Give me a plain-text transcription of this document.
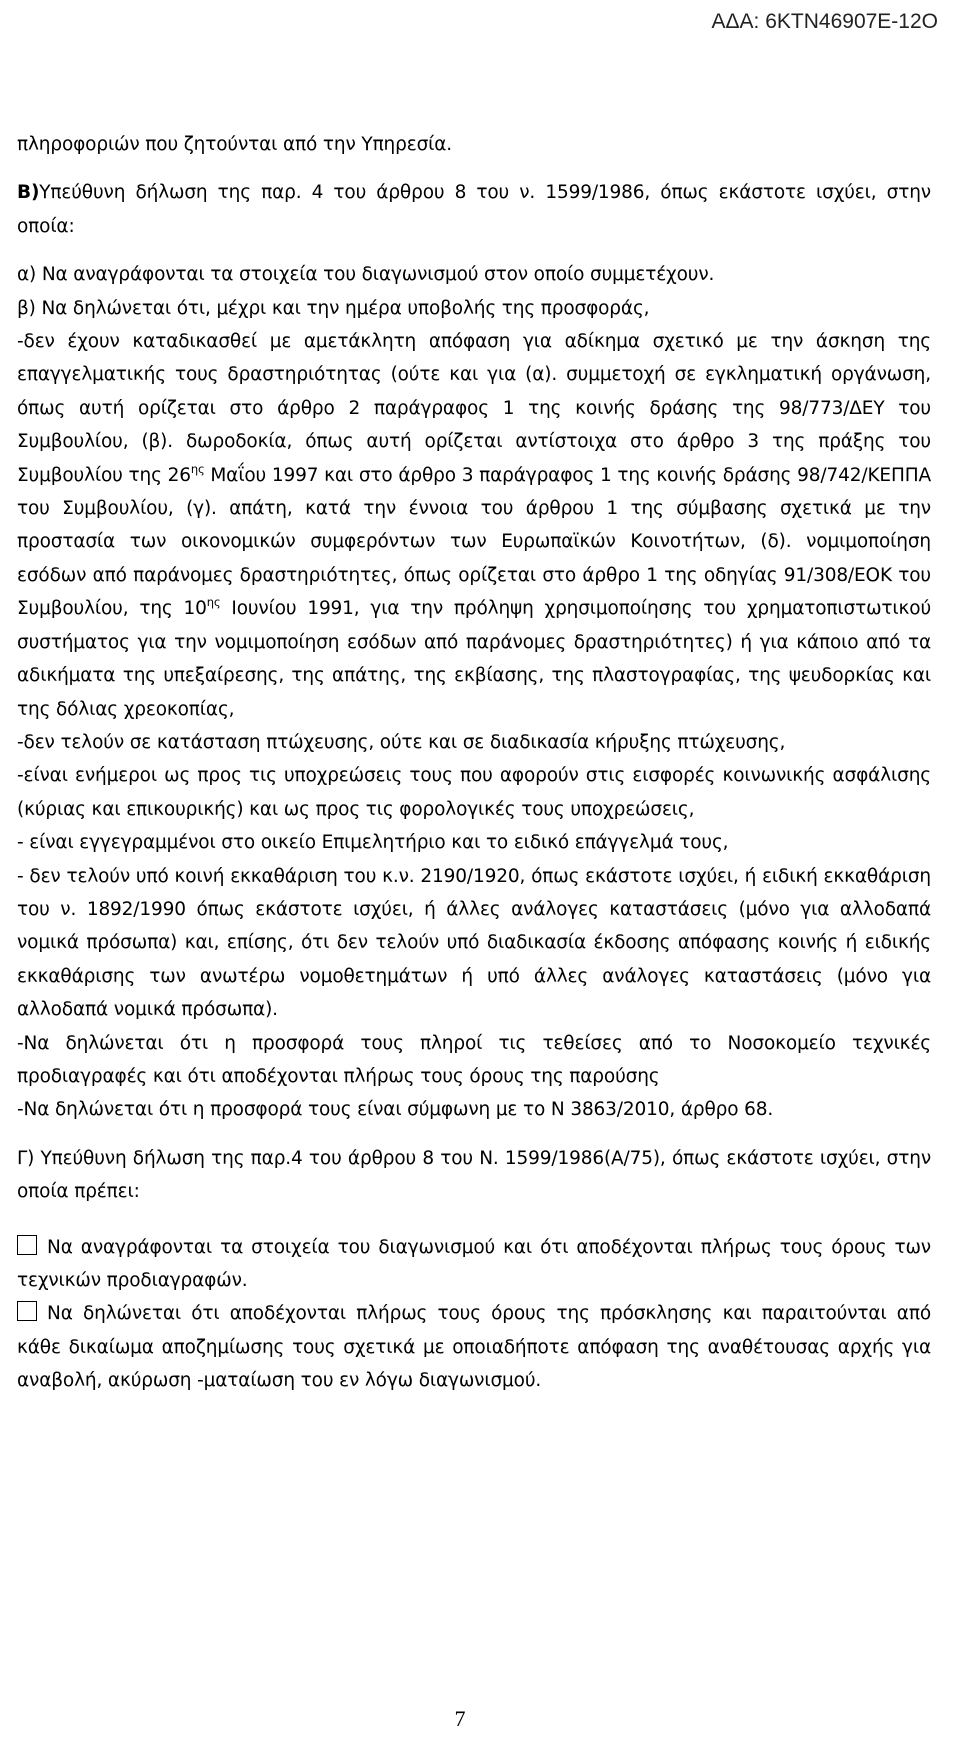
ΑΔΑ: 6ΚΤΝ46907Ε-12Ο

πληροφοριών που ζητούνται από την Υπηρεσία.

Β)Υπεύθυνη δήλωση της παρ. 4 του άρθρου 8 του ν. 1599/1986, όπως εκάστοτε ισχύει, στην οποία:

α) Να αναγράφονται τα στοιχεία του διαγωνισμού στον οποίο συμμετέχουν.

β) Να δηλώνεται ότι, μέχρι και την ημέρα υποβολής της προσφοράς,

-δεν έχουν καταδικασθεί με αμετάκλητη απόφαση για αδίκημα σχετικό με την άσκηση της επαγγελματικής τους δραστηριότητας (ούτε και για (α). συμμετοχή σε εγκληματική οργάνωση, όπως αυτή ορίζεται στο άρθρο 2 παράγραφος 1 της κοινής δράσης της 98/773/ΔΕΥ του Συμβουλίου, (β). δωροδοκία, όπως αυτή ορίζεται αντίστοιχα στο άρθρο 3 της πράξης του Συμβουλίου της $26^{\eta\varsigma}$ Μαΐου 1997 και στο άρθρο 3 παράγραφος 1 της κοινής δράσης 98/742/ΚΕΠΠΑ του Συμβουλίου, (γ). απάτη, κατά την έννοια του άρθρου 1 της σύμβασης σχετικά με την προστασία των οικονομικών συμφερόντων των Ευρωπαϊκών Κοινοτήτων, (δ). νομιμοποίηση εσόδων από παράνομες δραστηριότητες, όπως ορίζεται στο άρθρο 1 της οδηγίας 91/308/ΕΟΚ του Συμβουλίου, της $10^{\eta\varsigma}$ Ιουνίου 1991, για την πρόληψη χρησιμοποίησης του χρηματοπιστωτικού συστήματος για την νομιμοποίηση εσόδων από παράνομες δραστηριότητες) ή για κάποιο από τα αδικήματα της υπεξαίρεσης, της απάτης, της εκβίασης, της πλαστογραφίας, της ψευδορκίας και της δόλιας χρεοκοπίας,

-δεν τελούν σε κατάσταση πτώχευσης, ούτε και σε διαδικασία κήρυξης πτώχευσης,

-είναι ενήμεροι ως προς τις υποχρεώσεις τους που αφορούν στις εισφορές κοινωνικής ασφάλισης (κύριας και επικουρικής) και ως προς τις φορολογικές τους υποχρεώσεις,

- είναι εγγεγραμμένοι στο οικείο Επιμελητήριο και το ειδικό επάγγελμά τους,

- δεν τελούν υπό κοινή εκκαθάριση του κ.ν. 2190/1920, όπως εκάστοτε ισχύει, ή ειδική εκκαθάριση του ν. 1892/1990 όπως εκάστοτε ισχύει, ή άλλες ανάλογες καταστάσεις (μόνο για αλλοδαπά νομικά πρόσωπα) και, επίσης, ότι δεν τελούν υπό διαδικασία έκδοσης απόφασης κοινής ή ειδικής εκκαθάρισης των ανωτέρω νομοθετημάτων ή υπό άλλες ανάλογες καταστάσεις (μόνο για αλλοδαπά νομικά πρόσωπα).

-Να δηλώνεται ότι η προσφορά τους πληροί τις τεθείσες από το Νοσοκομείο τεχνικές προδιαγραφές και ότι αποδέχονται πλήρως τους όρους της παρούσης

-Να δηλώνεται ότι η προσφορά τους είναι σύμφωνη με το Ν 3863/2010, άρθρο 68.

Γ) Υπεύθυνη δήλωση της παρ.4 του άρθρου 8 του Ν. 1599/1986(Α/75), όπως εκάστοτε ισχύει, στην οποία πρέπει:

Να αναγράφονται τα στοιχεία του διαγωνισμού και ότι αποδέχονται πλήρως τους όρους των τεχνικών προδιαγραφών.

Να δηλώνεται ότι αποδέχονται πλήρως τους όρους της πρόσκλησης και παραιτούνται από κάθε δικαίωμα αποζημίωσης τους σχετικά με οποιαδήποτε απόφαση της αναθέτουσας αρχής για αναβολή, ακύρωση -ματαίωση του εν λόγω διαγωνισμού.

7
